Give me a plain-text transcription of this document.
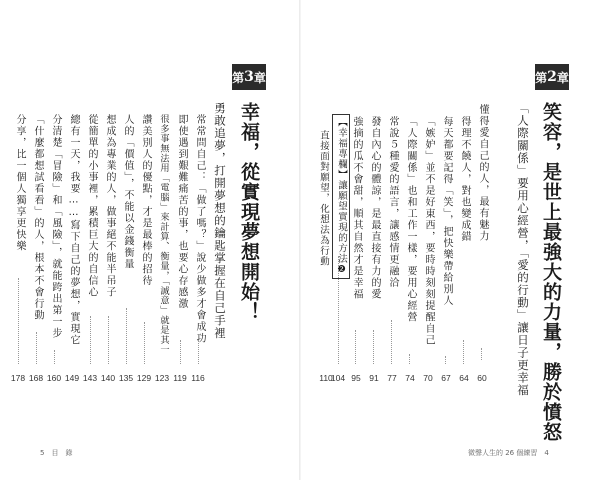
第 2 章
笑容，是世上最強大的力量，勝於憤怒
「人際關係」要用心經營，「愛的行動」讓日子更幸福
懂得愛自己的人，最有魅力
60
得理不饒人，對也變成錯
64
每天都要記得「笑」，把快樂帶給別人
67
「嫉妒」並不是好東西，要時時刻刻提醒自己
70
「人際關係」也和工作一樣，要用心經營
74
常說５種愛的語言，讓感情更融洽
77
發自內心的體諒，是最直接有力的愛
91
強摘的瓜不會甜，順其自然才是幸福
95
【幸福專欄】讓願望實現的方法❷
直接面對願望，化想法為行動
104
110
微聲人生的 26 個練習　4
第 3 章
幸福，從實現夢想開始！
勇敢追夢，打開夢想的鑰匙掌握在自己手裡
常常問自己：「做了嗎？」說少做多才會成功
116
即使遇到艱難痛苦的事，也要心存感激
119
很多事無法用「電腦」來計算、衡量，「誠意」就是其一
123
讚美別人的優點，才是最棒的招待
129
人的「價值」，不能以金錢衡量
135
想成為專業的人，做事絕不能半吊子
140
從簡單的小事裡，累積巨大的自信心
143
總有一天，我要……寫下自己的夢想，實現它
149
分清楚「冒險」和「風險」，就能跨出第一步
160
「什麼都想試看看」的人，根本不會行動
168
分享，比一個人獨享更快樂
178
5　目　錄
